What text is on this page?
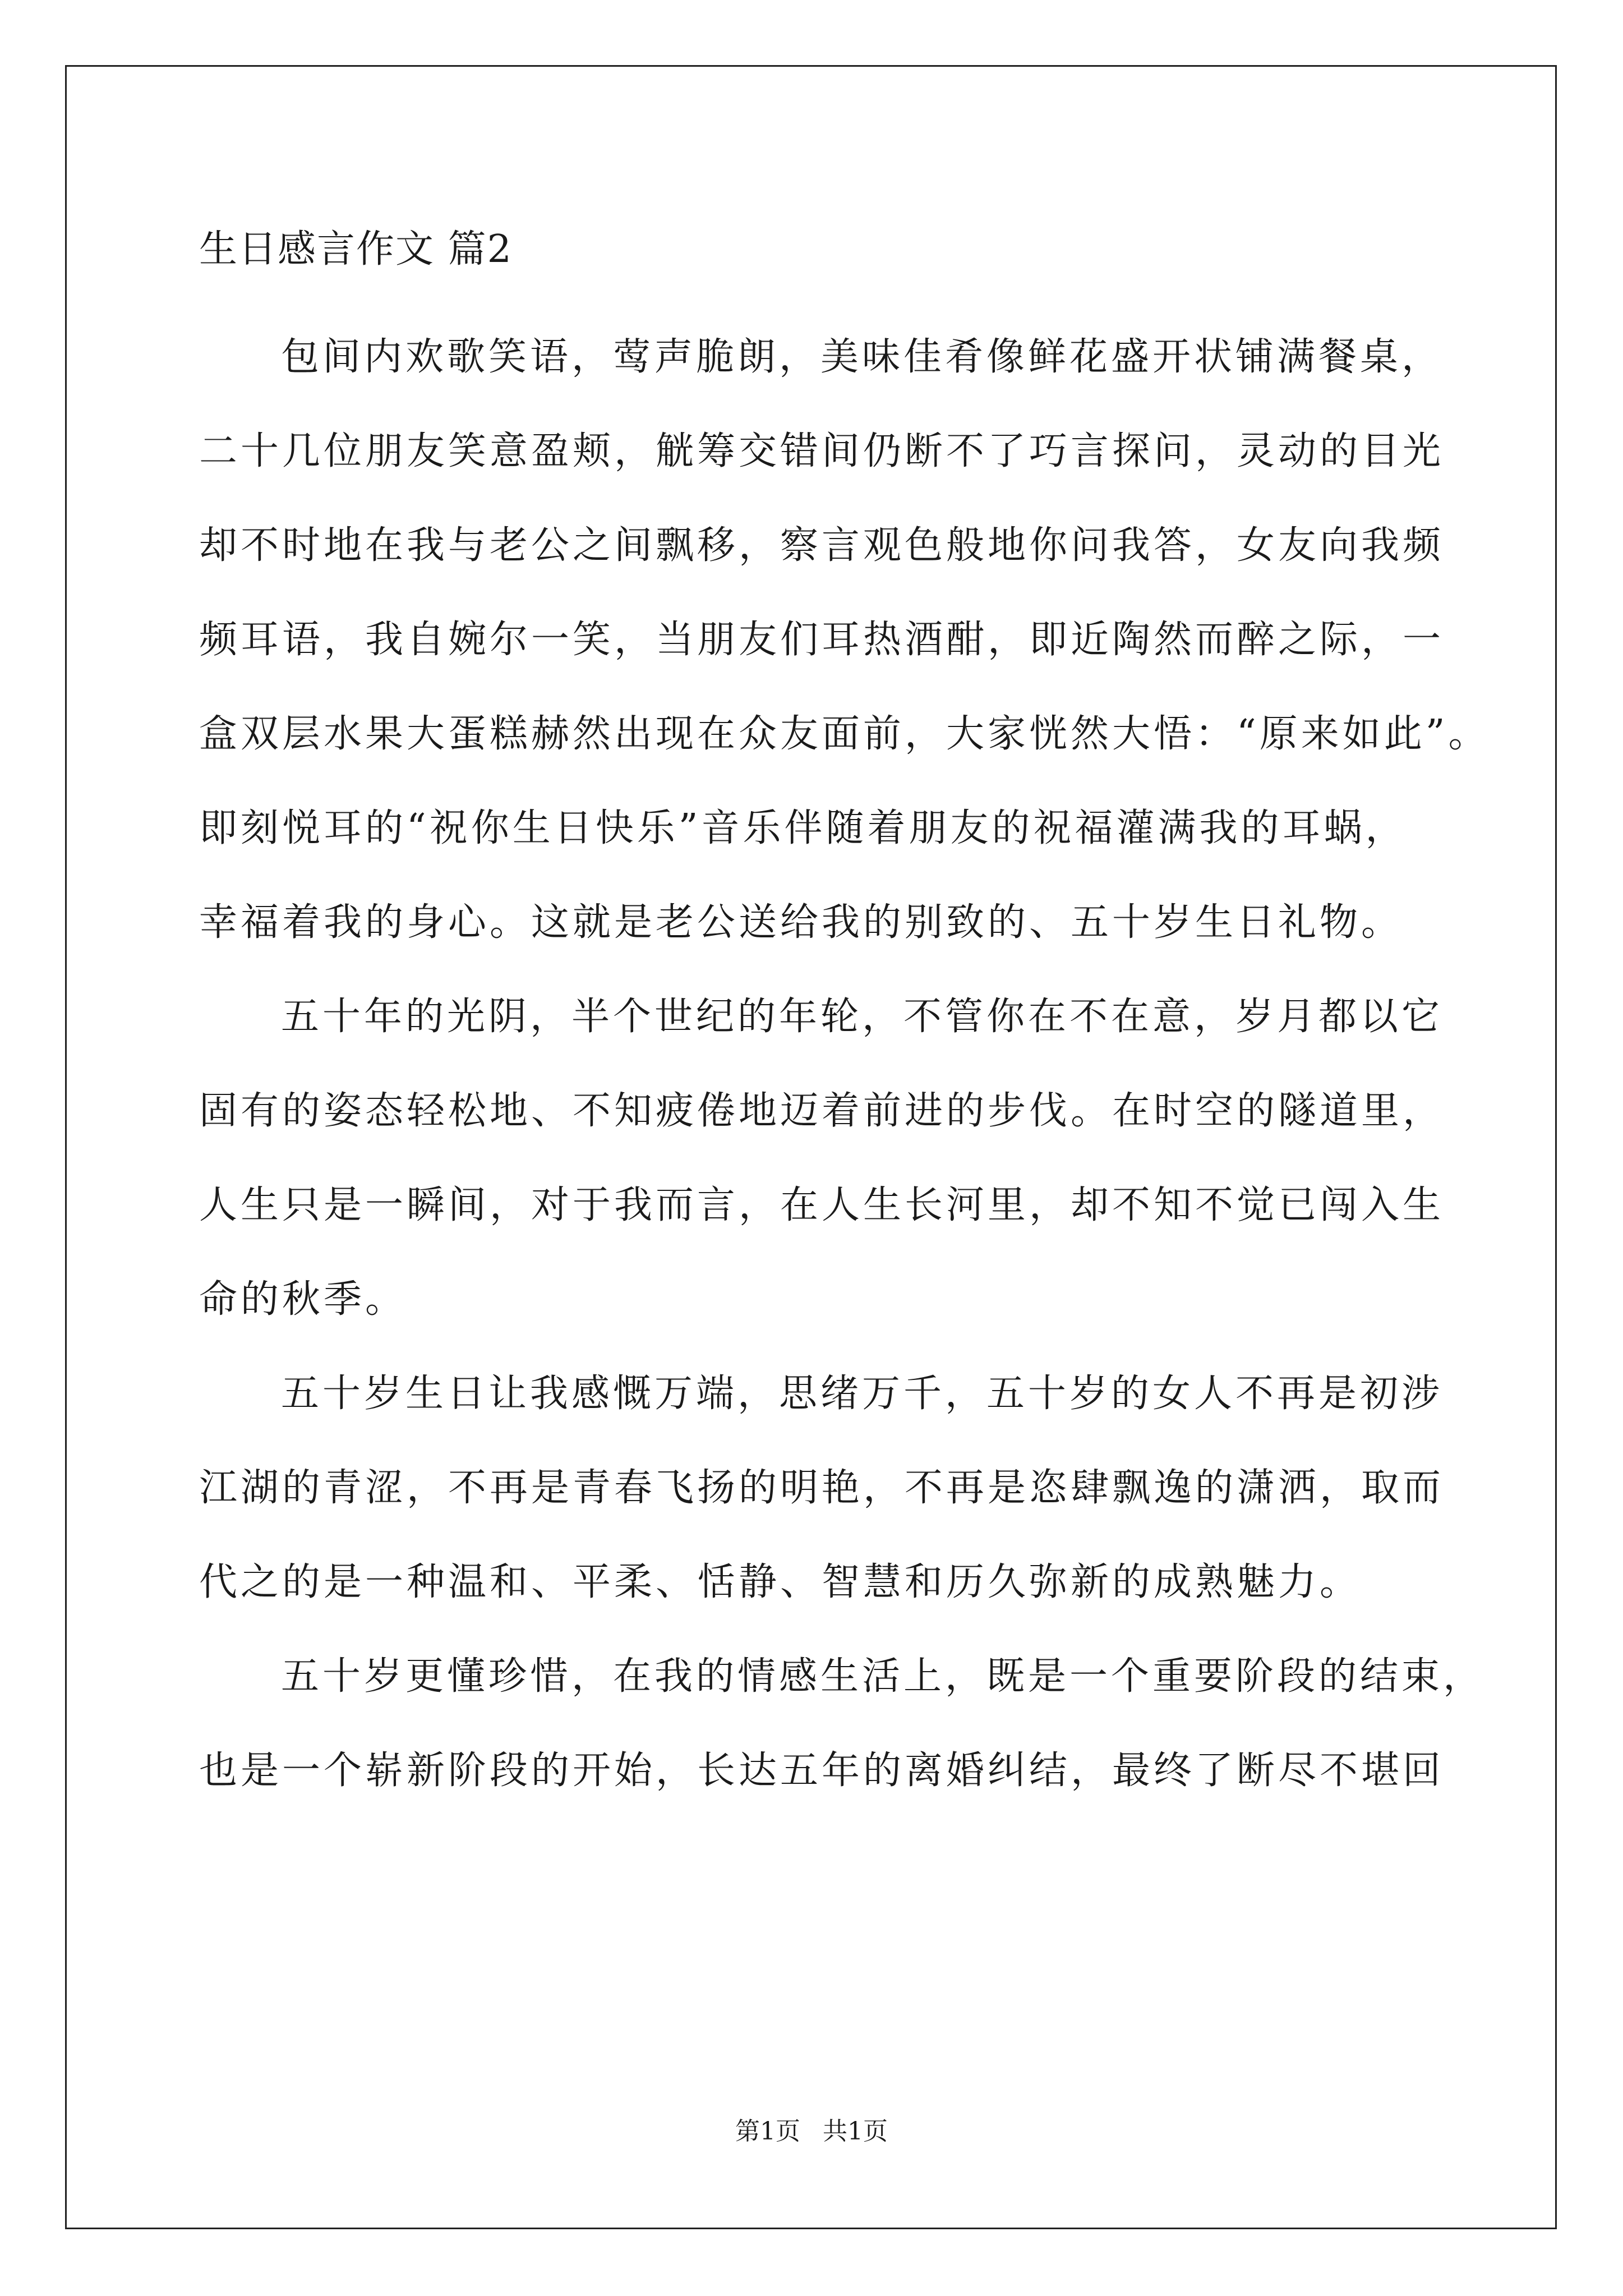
生日感言作文 篇2
包间内欢歌笑语，莺声脆朗，美味佳肴像鲜花盛开状铺满餐桌，
二十几位朋友笑意盈颊，觥筹交错间仍断不了巧言探问，灵动的目光
却不时地在我与老公之间飘移，察言观色般地你问我答，女友向我频
频耳语，我自婉尔一笑，当朋友们耳热酒酣，即近陶然而醉之际，一
盒双层水果大蛋糕赫然出现在众友面前，大家恍然大悟：“原来如此”。
即刻悦耳的“祝你生日快乐”音乐伴随着朋友的祝福灌满我的耳蜗，
幸福着我的身心。这就是老公送给我的别致的、五十岁生日礼物。
五十年的光阴，半个世纪的年轮，不管你在不在意，岁月都以它
固有的姿态轻松地、不知疲倦地迈着前进的步伐。在时空的隧道里，
人生只是一瞬间，对于我而言，在人生长河里，却不知不觉已闯入生
命的秋季。
五十岁生日让我感慨万端，思绪万千，五十岁的女人不再是初涉
江湖的青涩，不再是青春飞扬的明艳，不再是恣肆飘逸的潇洒，取而
代之的是一种温和、平柔、恬静、智慧和历久弥新的成熟魅力。
五十岁更懂珍惜，在我的情感生活上，既是一个重要阶段的结束，
也是一个崭新阶段的开始，长达五年的离婚纠结，最终了断尽不堪回
第1页 共1页
